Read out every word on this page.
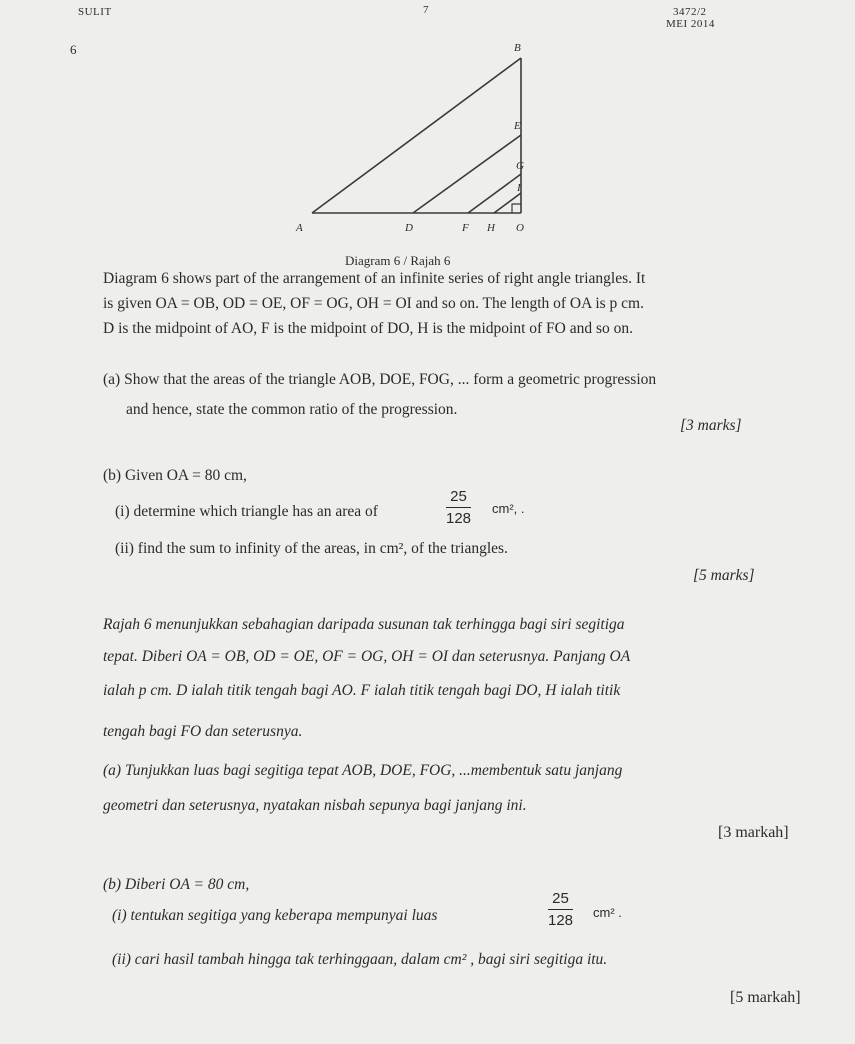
SULIT	7	3472/2
MEI 2014
6	B
E
G
I
A	D	F H O
Diagram 6 / Rajah 6
Diagram 6 shows part of the arrangement of an infinite series of right angle triangles. It
is given OA = OB, OD = OE, OF = OG, OH = OI and so on. The length of OA is p cm.
D is the midpoint of AO, F is the midpoint of DO, H is the midpoint of FO and so on.
(a) Show that the areas of the triangle AOB, DOE, FOG, ... form a geometric progression
and hence, state the common ratio of the progression.
[3 marks]
(b) Given OA = 80 cm,
(i) determine which triangle has an area of	$\frac{25}{128} cm^2$, .
(ii) find the sum to infinity of the areas, in cm², of the triangles.
[5 marks]
Rajah 6 menunjukkan sebahagian daripada susunan tak terhingga bagi siri segitiga
tepat. Diberi OA = OB, OD = OE, OF = OG, OH = OI dan seterusnya. Panjang OA
ialah p cm. D ialah titik tengah bagi AO. F ialah titik tengah bagi DO, H ialah titik
tengah bagi FO dan seterusnya.
(a) Tunjukkan luas bagi segitiga tepat AOB, DOE, FOG, ...membentuk satu janjang
geometri dan seterusnya, nyatakan nisbah sepunya bagi janjang ini.
[3 markah]
(b) Diberi OA = 80 cm,
(i) tentukan segitiga yang keberapa mempunyai luas	$\frac{25}{128} cm^2$ .
(ii) cari hasil tambah hingga tak terhinggaan, dalam cm² , bagi siri segitiga itu.
[5 markah]
